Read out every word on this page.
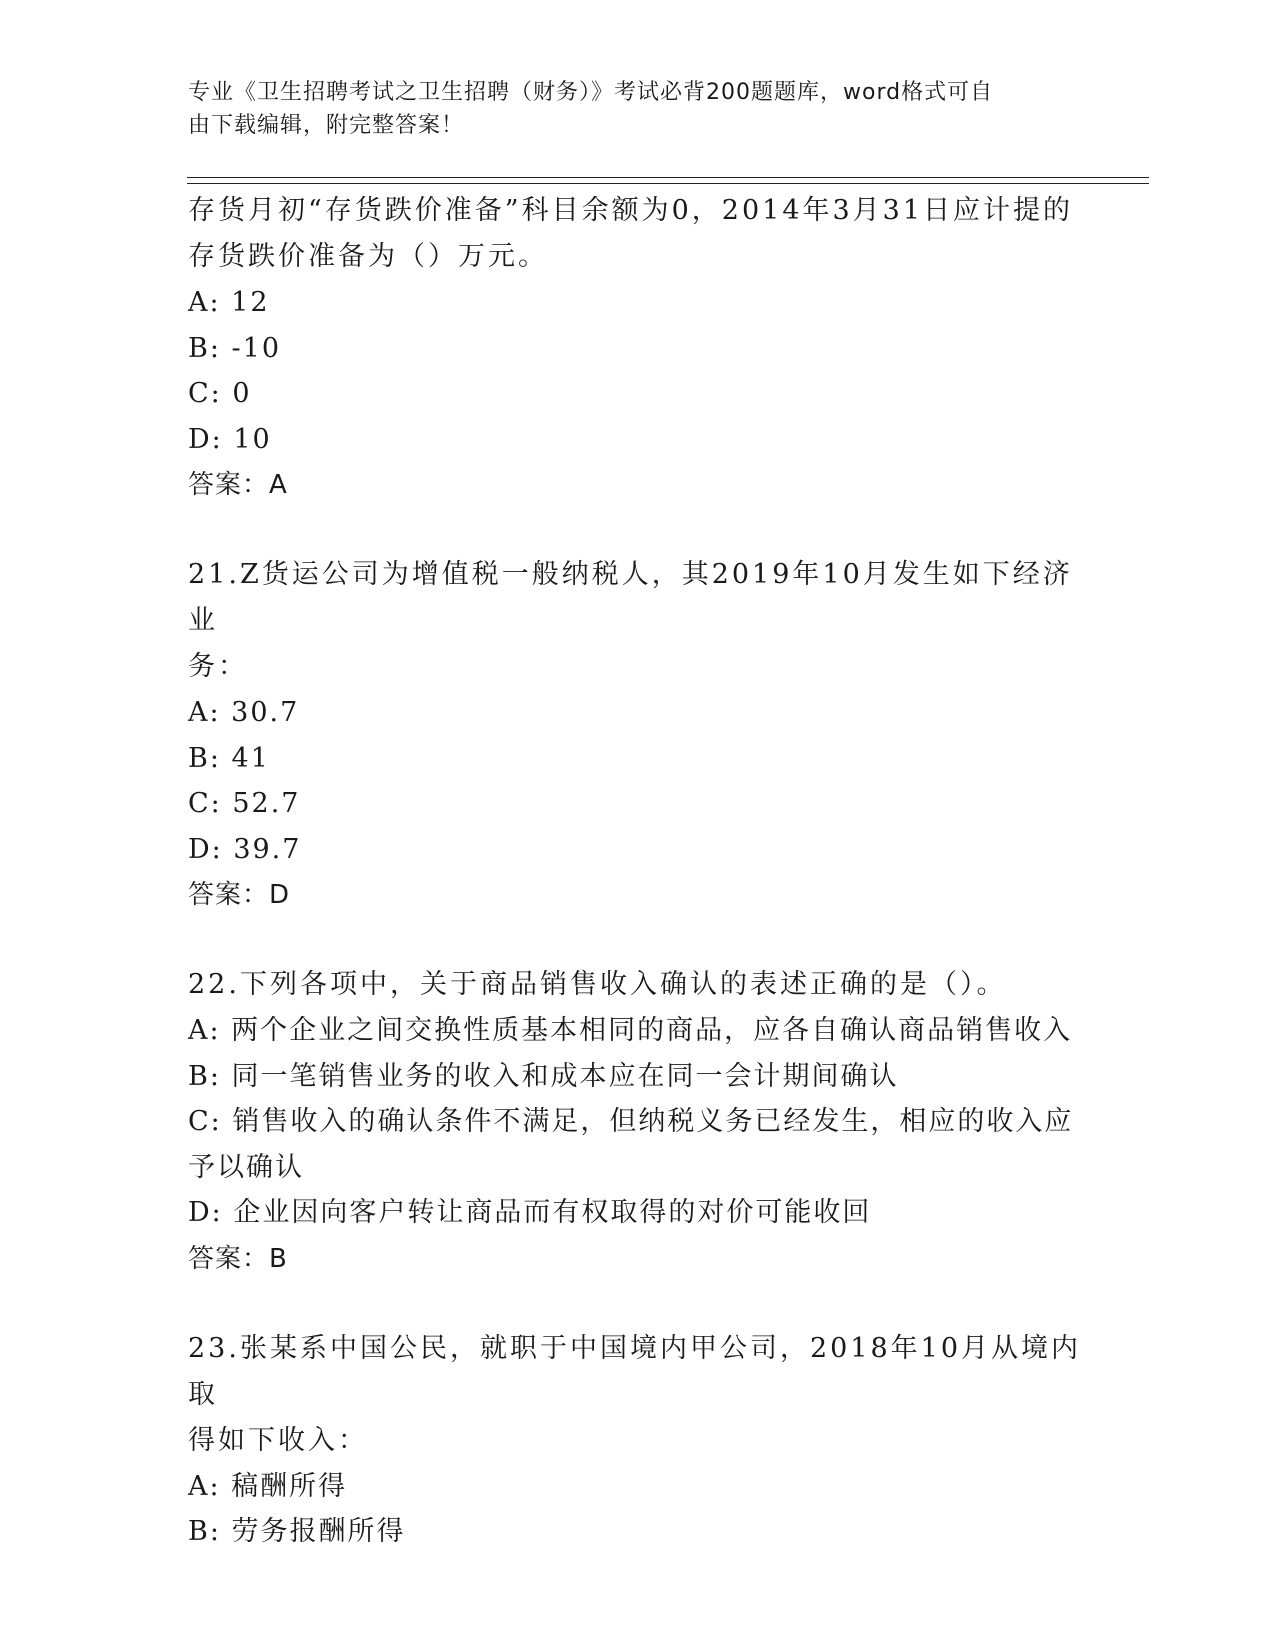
专业《卫生招聘考试之卫生招聘（财务）》考试必背200题题库，word格式可自
由下载编辑，附完整答案！

存货月初“存货跌价准备”科目余额为0，2014年3月31日应计提的

存货跌价准备为（）万元。

A: 12

B: -10

C: 0

D: 10

答案：A

21.Z货运公司为增值税一般纳税人，其2019年10月发生如下经济业

务：

A: 30.7

B: 41

C: 52.7

D: 39.7

答案：D

22.下列各项中，关于商品销售收入确认的表述正确的是（）。

A: 两个企业之间交换性质基本相同的商品，应各自确认商品销售收入

B: 同一笔销售业务的收入和成本应在同一会计期间确认

C: 销售收入的确认条件不满足，但纳税义务已经发生，相应的收入应
予以确认

D: 企业因向客户转让商品而有权取得的对价可能收回

答案：B

23.张某系中国公民，就职于中国境内甲公司，2018年10月从境内取

得如下收入：

A: 稿酬所得

B: 劳务报酬所得
